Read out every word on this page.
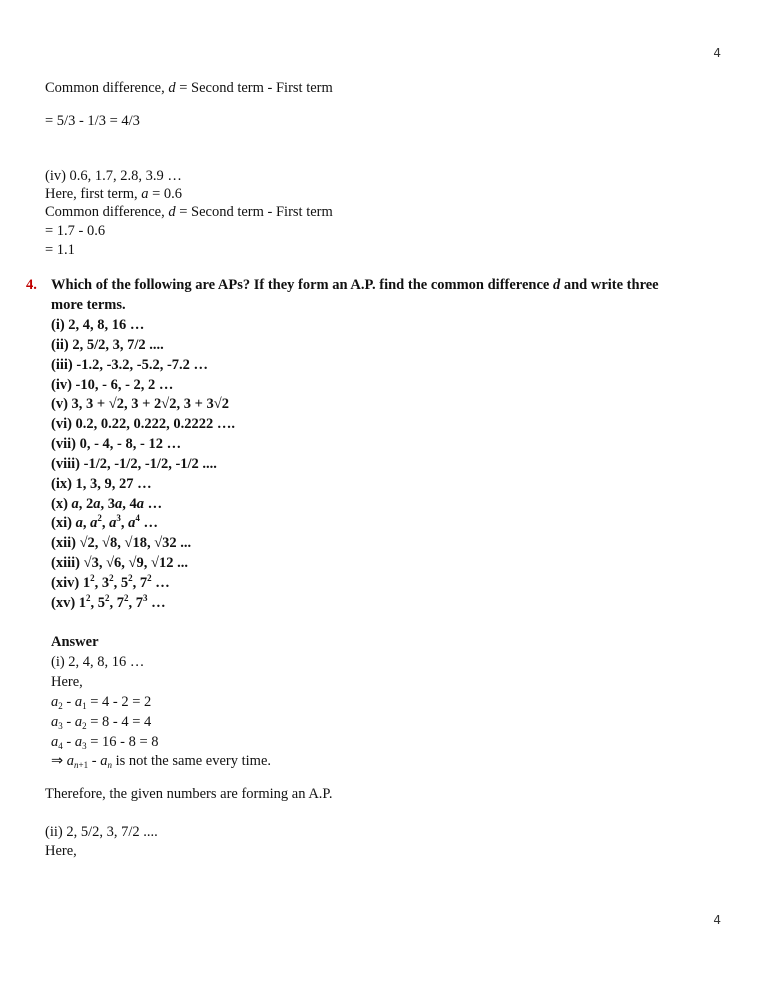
4
Common difference, d = Second term - First term
= 5/3 - 1/3 = 4/3
(iv) 0.6, 1.7, 2.8, 3.9 …
Here, first term, a = 0.6
Common difference, d = Second term - First term
= 1.7 - 0.6
= 1.1
4. Which of the following are APs? If they form an A.P. find the common difference d and write three
more terms.
(i) 2, 4, 8, 16 …
(ii) 2, 5/2, 3, 7/2 ....
(iii) -1.2, -3.2, -5.2, -7.2 …
(iv) -10, - 6, - 2, 2 …
(v) 3, 3 + √2, 3 + 2√2, 3 + 3√2
(vi) 0.2, 0.22, 0.222, 0.2222 ….
(vii) 0, - 4, - 8, - 12 …
(viii) -1/2, -1/2, -1/2, -1/2 ....
(ix) 1, 3, 9, 27 …
(x) a, 2a, 3a, 4a …
(xi) a, $a^2$, $a^3$, $a^4$ …
(xii) √2, √8, √18, √32 ...
(xiii) √3, √6, √9, √12 ...
(xiv) $1^2$, $3^2$, $5^2$, $7^2$ …
(xv) $1^2$, $5^2$, $7^2$, $7^3$ …
Answer
(i) 2, 4, 8, 16 …
Here,
$a_2 - a_1 = 4 - 2 = 2$
$a_3 - a_2 = 8 - 4 = 4$
$a_4 - a_3 = 16 - 8 = 8$
⇒ $a_{n+1} - a_n$ is not the same every time.
Therefore, the given numbers are forming an A.P.
(ii) 2, 5/2, 3, 7/2 ....
Here,
4
